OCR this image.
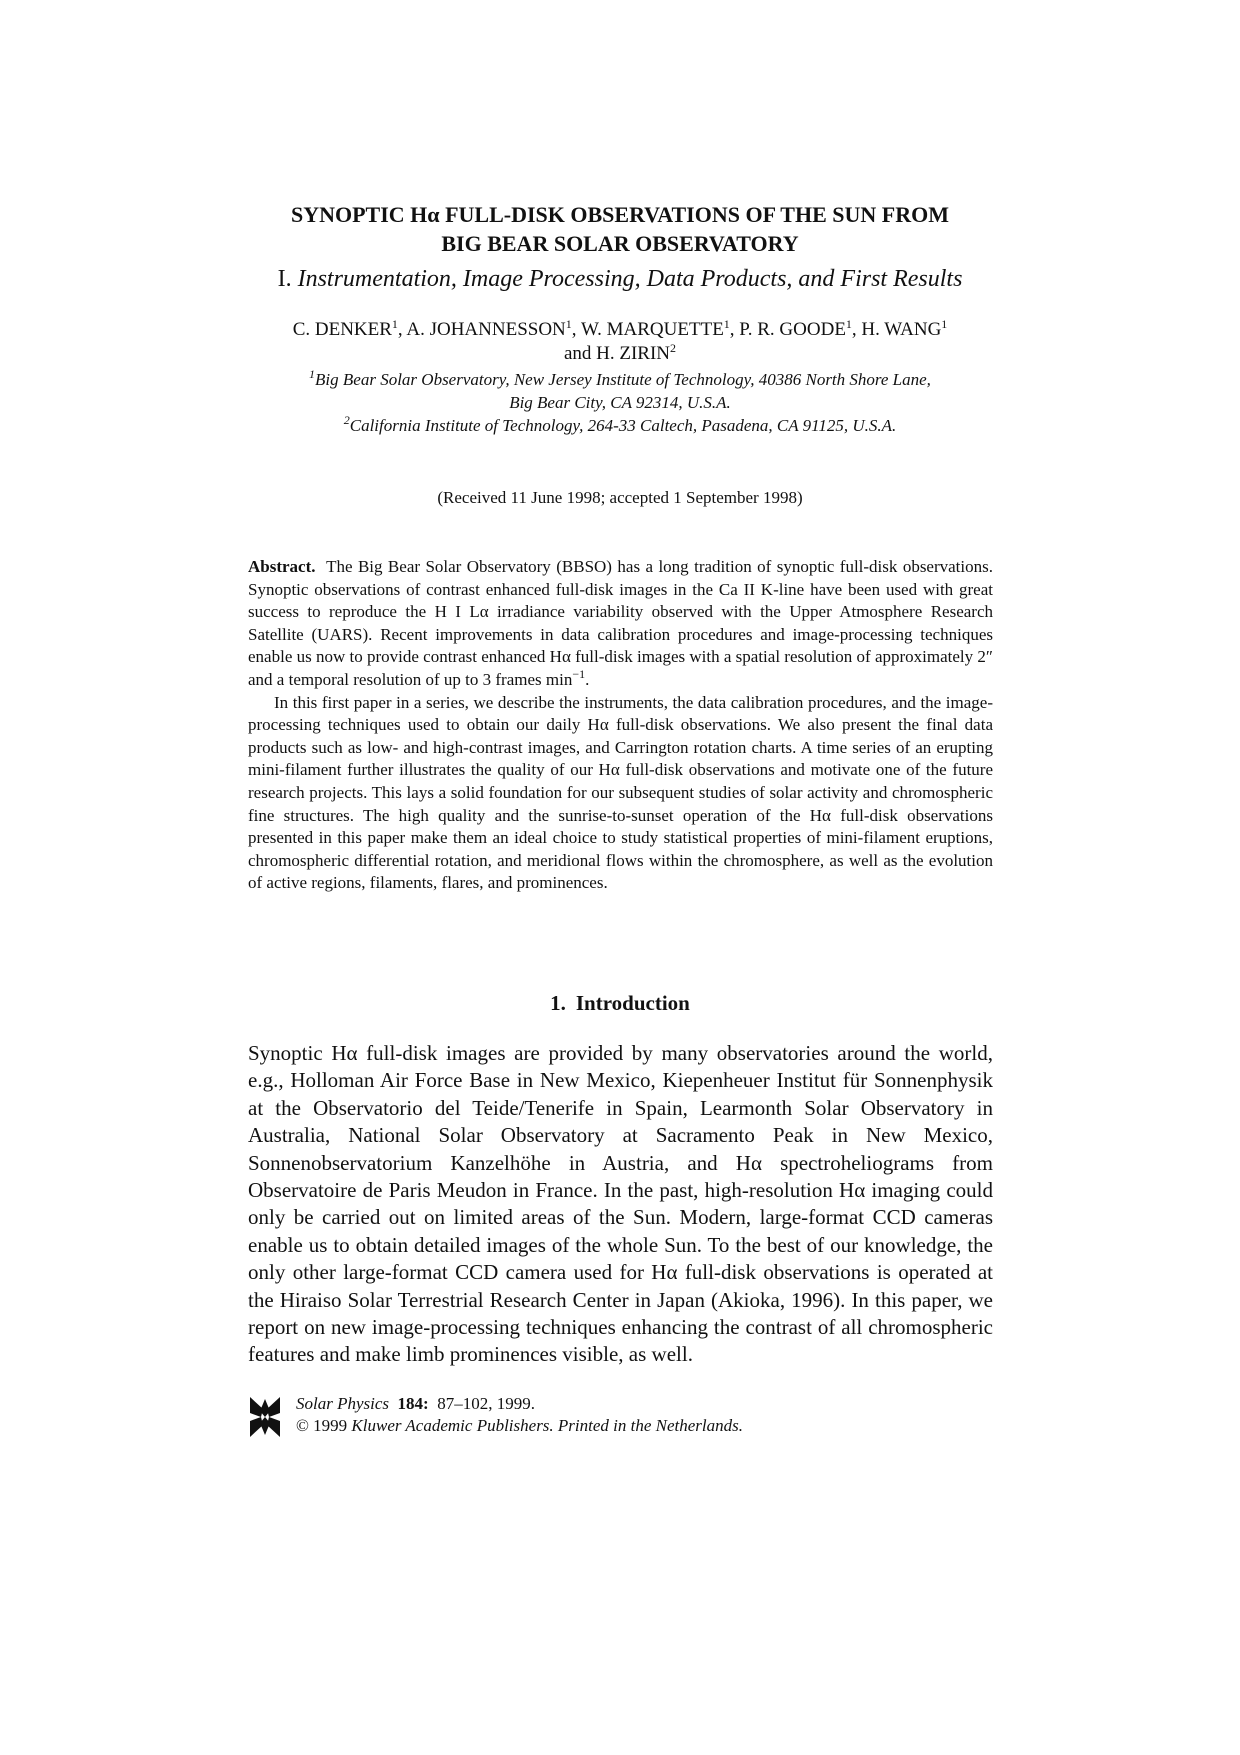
SYNOPTIC Hα FULL-DISK OBSERVATIONS OF THE SUN FROM
BIG BEAR SOLAR OBSERVATORY
I. Instrumentation, Image Processing, Data Products, and First Results
C. DENKER$^1$, A. JOHANNESSON$^1$, W. MARQUETTE$^1$, P. R. GOODE$^1$, H. WANG$^1$
and H. ZIRIN$^2$
$^1$Big Bear Solar Observatory, New Jersey Institute of Technology, 40386 North Shore Lane,
Big Bear City, CA 92314, U.S.A.
$^2$California Institute of Technology, 264-33 Caltech, Pasadena, CA 91125, U.S.A.
(Received 11 June 1998; accepted 1 September 1998)

Abstract. The Big Bear Solar Observatory (BBSO) has a long tradition of synoptic full-disk observations. Synoptic observations of contrast enhanced full-disk images in the Ca II K-line have been used with great success to reproduce the H I Lα irradiance variability observed with the Upper Atmosphere Research Satellite (UARS). Recent improvements in data calibration procedures and image-processing techniques enable us now to provide contrast enhanced Hα full-disk images with a spatial resolution of approximately 2″ and a temporal resolution of up to 3 frames $\min^{-1}$.

In this first paper in a series, we describe the instruments, the data calibration procedures, and the image-processing techniques used to obtain our daily Hα full-disk observations. We also present the final data products such as low- and high-contrast images, and Carrington rotation charts. A time series of an erupting mini-filament further illustrates the quality of our Hα full-disk observations and motivate one of the future research projects. This lays a solid foundation for our subsequent studies of solar activity and chromospheric fine structures. The high quality and the sunrise-to-sunset operation of the Hα full-disk observations presented in this paper make them an ideal choice to study statistical properties of mini-filament eruptions, chromospheric differential rotation, and meridional flows within the chromosphere, as well as the evolution of active regions, filaments, flares, and prominences.

1. Introduction

Synoptic Hα full-disk images are provided by many observatories around the world, e.g., Holloman Air Force Base in New Mexico, Kiepenheuer Institut für Sonnenphysik at the Observatorio del Teide/Tenerife in Spain, Learmonth Solar Observatory in Australia, National Solar Observatory at Sacramento Peak in New Mexico, Sonnenobservatorium Kanzelhöhe in Austria, and Hα spectroheliograms from Observatoire de Paris Meudon in France. In the past, high-resolution Hα imaging could only be carried out on limited areas of the Sun. Modern, large-format CCD cameras enable us to obtain detailed images of the whole Sun. To the best of our knowledge, the only other large-format CCD camera used for Hα full-disk observations is operated at the Hiraiso Solar Terrestrial Research Center in Japan (Akioka, 1996). In this paper, we report on new image-processing techniques enhancing the contrast of all chromospheric features and make limb prominences visible, as well.

Solar Physics 184: 87–102, 1999.
© 1999 Kluwer Academic Publishers. Printed in the Netherlands.
